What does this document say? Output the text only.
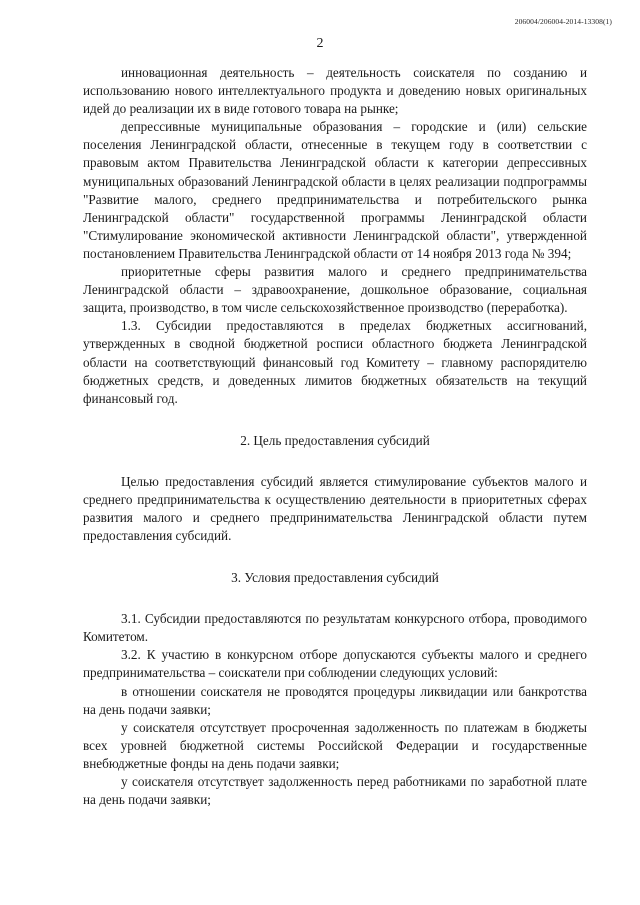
206004/206004-2014-13308(1)
2

инновационная деятельность – деятельность соискателя по созданию и использованию нового интеллектуального продукта и доведению новых оригинальных идей до реализации их в виде готового товара на рынке;

депрессивные муниципальные образования – городские и (или) сельские поселения Ленинградской области, отнесенные в текущем году в соответствии с правовым актом Правительства Ленинградской области к категории депрессивных муниципальных образований Ленинградской области в целях реализации подпрограммы "Развитие малого, среднего предпринимательства и потребительского рынка Ленинградской области" государственной программы Ленинградской области "Стимулирование экономической активности Ленинградской области", утвержденной постановлением Правительства Ленинградской области от 14 ноября 2013 года № 394;

приоритетные сферы развития малого и среднего предпринимательства Ленинградской области – здравоохранение, дошкольное образование, социальная защита, производство, в том числе сельскохозяйственное производство (переработка).

1.3. Субсидии предоставляются в пределах бюджетных ассигнований, утвержденных в сводной бюджетной росписи областного бюджета Ленинградской области на соответствующий финансовый год Комитету – главному распорядителю бюджетных средств, и доведенных лимитов бюджетных обязательств на текущий финансовый год.

2. Цель предоставления субсидий

Целью предоставления субсидий является стимулирование субъектов малого и среднего предпринимательства к осуществлению деятельности в приоритетных сферах развития малого и среднего предпринимательства Ленинградской области путем предоставления субсидий.

3. Условия предоставления субсидий

3.1. Субсидии предоставляются по результатам конкурсного отбора, проводимого Комитетом.

3.2. К участию в конкурсном отборе допускаются субъекты малого и среднего предпринимательства – соискатели при соблюдении следующих условий:

в отношении соискателя не проводятся процедуры ликвидации или банкротства на день подачи заявки;

у соискателя отсутствует просроченная задолженность по платежам в бюджеты всех уровней бюджетной системы Российской Федерации и государственные внебюджетные фонды на день подачи заявки;

у соискателя отсутствует задолженность перед работниками по заработной плате на день подачи заявки;
